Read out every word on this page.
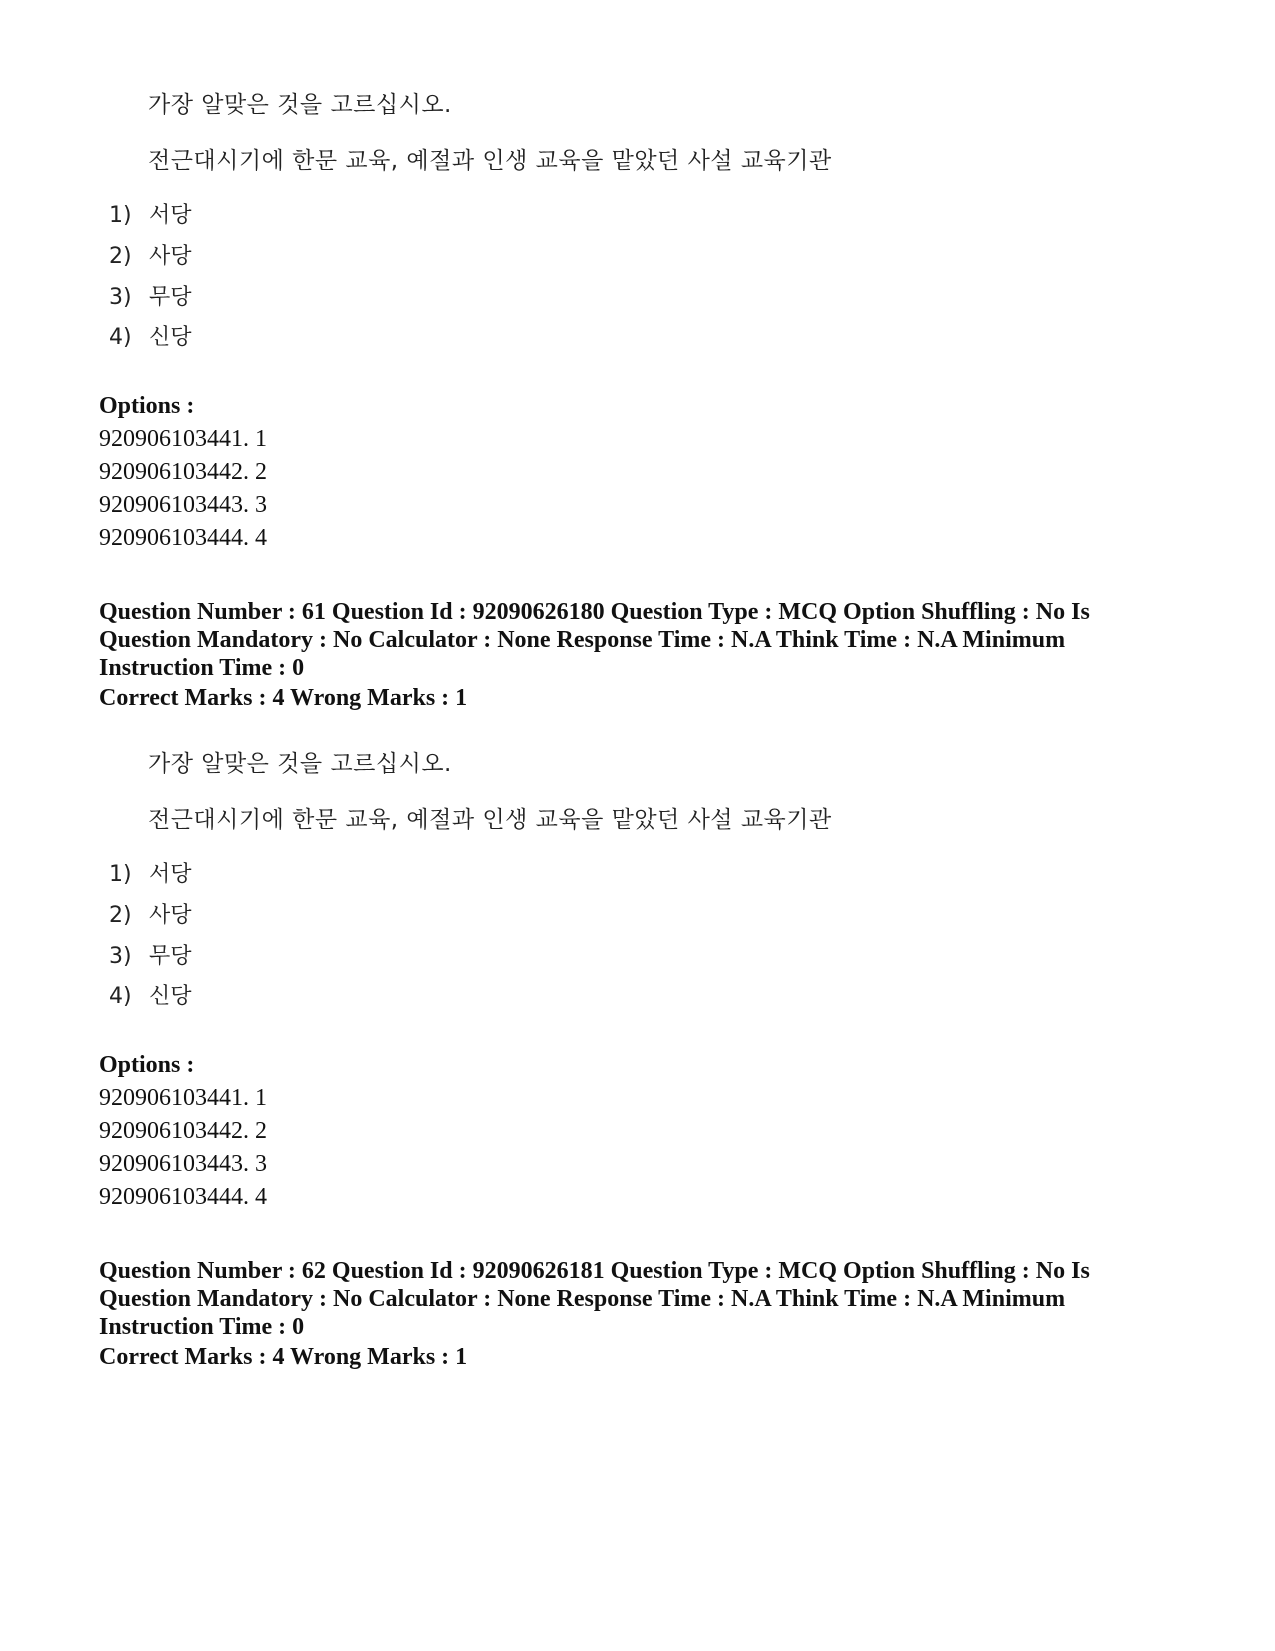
가장 알맞은 것을 고르십시오.
전근대시기에 한문 교육, 예절과 인생 교육을 맡았던 사설 교육기관
1) 서당
2) 사당
3) 무당
4) 신당
Options :
920906103441. 1
920906103442. 2
920906103443. 3
920906103444. 4
Question Number : 61 Question Id : 92090626180 Question Type : MCQ Option Shuffling : No Is Question Mandatory : No Calculator : None Response Time : N.A Think Time : N.A Minimum Instruction Time : 0
Correct Marks : 4 Wrong Marks : 1
가장 알맞은 것을 고르십시오.
전근대시기에 한문 교육, 예절과 인생 교육을 맡았던 사설 교육기관
1) 서당
2) 사당
3) 무당
4) 신당
Options :
920906103441. 1
920906103442. 2
920906103443. 3
920906103444. 4
Question Number : 62 Question Id : 92090626181 Question Type : MCQ Option Shuffling : No Is Question Mandatory : No Calculator : None Response Time : N.A Think Time : N.A Minimum Instruction Time : 0
Correct Marks : 4 Wrong Marks : 1
